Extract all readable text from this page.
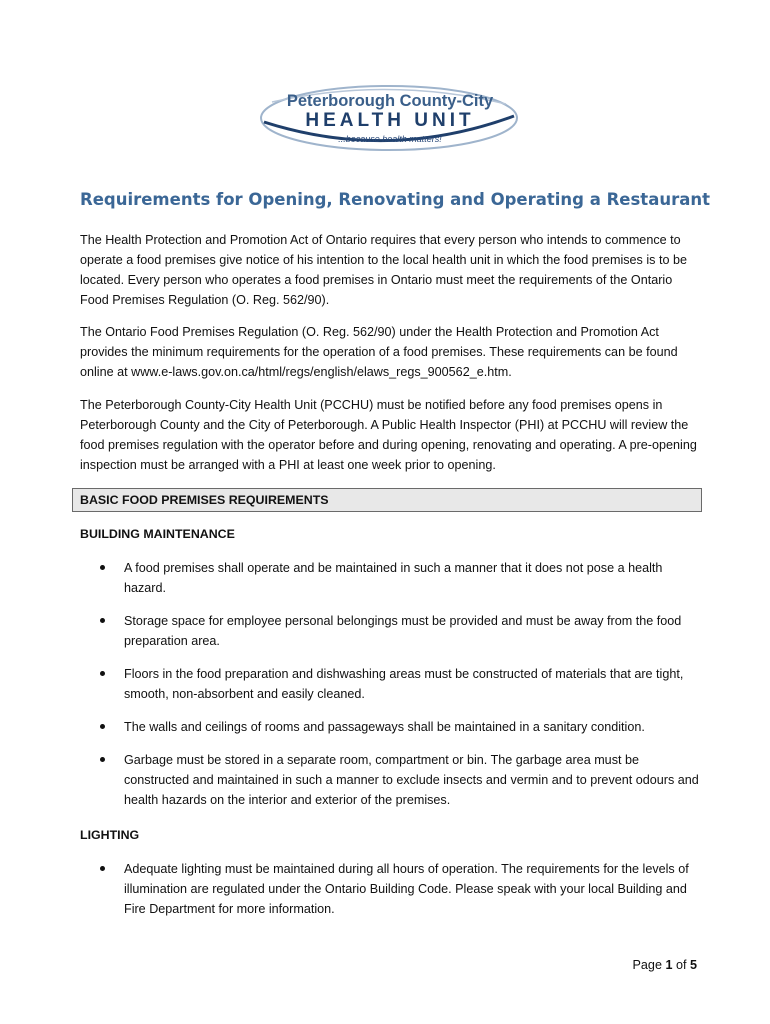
Peterborough County-City
HEALTH UNIT
...because health matters!
Requirements for Opening, Renovating and Operating a Restaurant

The Health Protection and Promotion Act of Ontario requires that every person who intends to commence to operate a food premises give notice of his intention to the local health unit in which the food premises is to be located. Every person who operates a food premises in Ontario must meet the requirements of the Ontario Food Premises Regulation (O. Reg. 562/90).

The Ontario Food Premises Regulation (O. Reg. 562/90) under the Health Protection and Promotion Act provides the minimum requirements for the operation of a food premises. These requirements can be found online at www.e-laws.gov.on.ca/html/regs/english/elaws_regs_900562_e.htm.

The Peterborough County-City Health Unit (PCCHU) must be notified before any food premises opens in Peterborough County and the City of Peterborough. A Public Health Inspector (PHI) at PCCHU will review the food premises regulation with the operator before and during opening, renovating and operating. A pre-opening inspection must be arranged with a PHI at least one week prior to opening.

BASIC FOOD PREMISES REQUIREMENTS
BUILDING MAINTENANCE
A food premises shall operate and be maintained in such a manner that it does not pose a health hazard.
Storage space for employee personal belongings must be provided and must be away from the food preparation area.
Floors in the food preparation and dishwashing areas must be constructed of materials that are tight, smooth, non-absorbent and easily cleaned.
The walls and ceilings of rooms and passageways shall be maintained in a sanitary condition.
Garbage must be stored in a separate room, compartment or bin. The garbage area must be constructed and maintained in such a manner to exclude insects and vermin and to prevent odours and health hazards on the interior and exterior of the premises.
LIGHTING
Adequate lighting must be maintained during all hours of operation. The requirements for the levels of illumination are regulated under the Ontario Building Code. Please speak with your local Building and Fire Department for more information.
Page 1 of 5
